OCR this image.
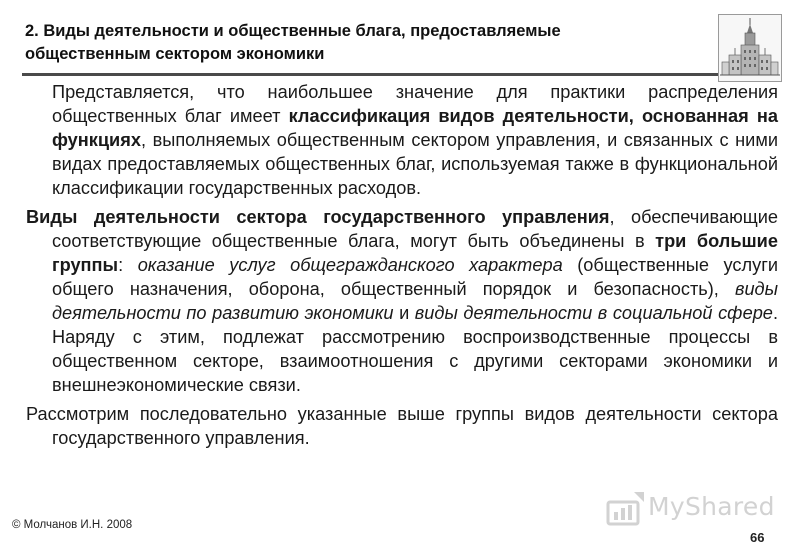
2. Виды деятельности и общественные блага, предоставляемые
общественным сектором экономики

Представляется, что наибольшее значение для практики распределения общественных благ имеет классификация видов деятельности, основанная на функциях, выполняемых общественным сектором управления, и связанных с ними видах предоставляемых общественных благ, используемая также в функциональной классификации государственных расходов.

Виды деятельности сектора государственного управления, обеспечивающие соответствующие общественные блага, могут быть объединены в три большие группы: оказание услуг общегражданского характера (общественные услуги общего назначения, оборона, общественный порядок и безопасность), виды деятельности по развитию экономики и виды деятельности в социальной сфере. Наряду с этим, подлежат рассмотрению воспроизводственные процессы в общественном секторе, взаимоотношения с другими секторами экономики и внешнеэкономические связи.

Рассмотрим последовательно указанные выше группы видов деятельности сектора государственного управления.

© Молчанов И.Н. 2008
MyShared
66
